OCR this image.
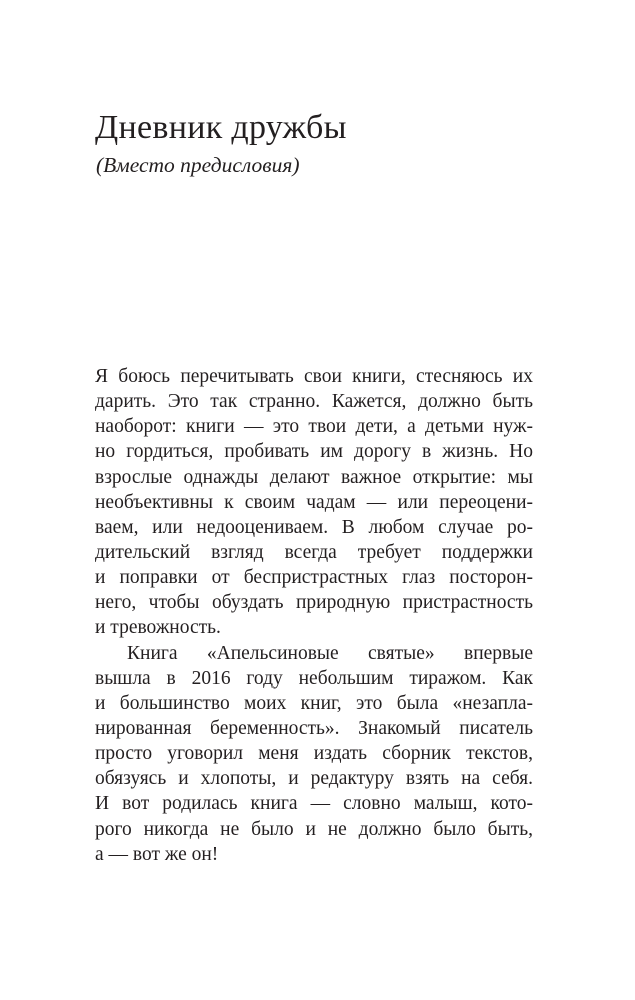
Дневник дружбы

(Вместо предисловия)

Я боюсь перечитывать свои книги, стесняюсь их
дарить. Это так странно. Кажется, должно быть
наоборот: книги — это твои дети, а детьми нуж-
но гордиться, пробивать им дорогу в жизнь. Но
взрослые однажды делают важное открытие: мы
необъективны к своим чадам — или переоцени-
ваем, или недооцениваем. В любом случае ро-
дительский взгляд всегда требует поддержки
и поправки от беспристрастных глаз посторон-
него, чтобы обуздать природную пристрастность
и тревожность.
Книга «Апельсиновые святые» впервые
вышла в 2016 году небольшим тиражом. Как
и большинство моих книг, это была «незапла-
нированная беременность». Знакомый писатель
просто уговорил меня издать сборник текстов,
обязуясь и хлопоты, и редактуру взять на себя.
И вот родилась книга — словно малыш, кото-
рого никогда не было и не должно было быть,
а — вот же он!
